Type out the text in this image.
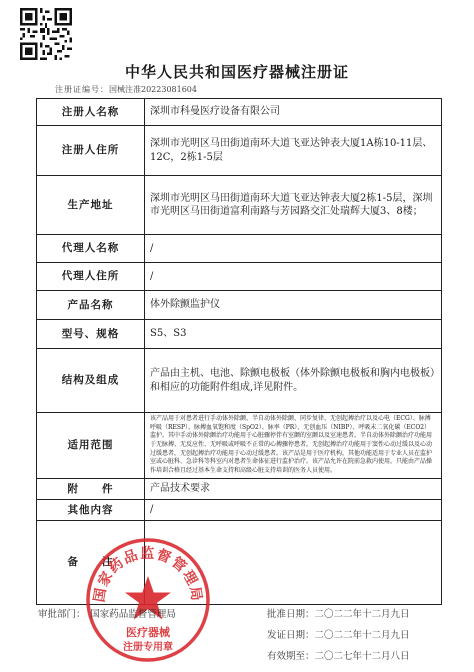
中华人民共和国医疗器械注册证
注册证编号：国械注准20223081604
注册人名称	深圳市科曼医疗设备有限公司
注册人住所	深圳市光明区马田街道南环大道飞亚达钟表大厦1A栋10-11层、12C，2栋1-5层
生产地址	深圳市光明区马田街道南环大道飞亚达钟表大厦2栋1-5层，深圳市光明区马田街道富利南路与芳园路交汇处瑞辉大厦3、8楼；
代理人名称	/
代理人住所	/
产品名称	体外除颤监护仪
型号、规格	S5、S3
结构及组成	产品由主机、电池、除颤电极板（体外除颤电极板和胸内电极板）和相应的功能附件组成,详见附件。
适用范围	该产品用于对患者进行手动体外除颤、半自动体外除颤、同步复律、无创起搏治疗以及心电（ECG）、脉搏呼吸（RESP）、脉搏血氧饱和度（SpO2）、脉率（PR）、无创血压（NIBP）、呼吸末二氧化碳（ECO2）监护。其中手动体外除颤治疗功能用于心脏骤停伴有室颤的室颤以及室速患者，半自动体外除颤治疗功能用于无脉搏、无反应性、无呼吸或呼吸不正常的心搏骤停患者，无创起搏治疗功能用于窦性心动过缓以及心动过缓患者，无创起搏治疗功能用于心动过缓患者。该产品是用于医疗机构，其他功能适用于专业人员在监护室或心脏科、急诊科等科室内对患者生命体征进行监护治疗。该产品允许在院前急救内使用，只能由产品操作培训合格且经过基本生命支持和高级心脏支持培训的医务人员使用。
附　　件	产品技术要求
其他内容	/
备　　注	
国家药品监督管理局
医疗器械
注册专用章
审批部门：　国家药品监督管理局	批准日期：二〇二二年十二月九日
发证日期：二〇二二年十二月九日
有效期至：二〇二七年十二月八日
